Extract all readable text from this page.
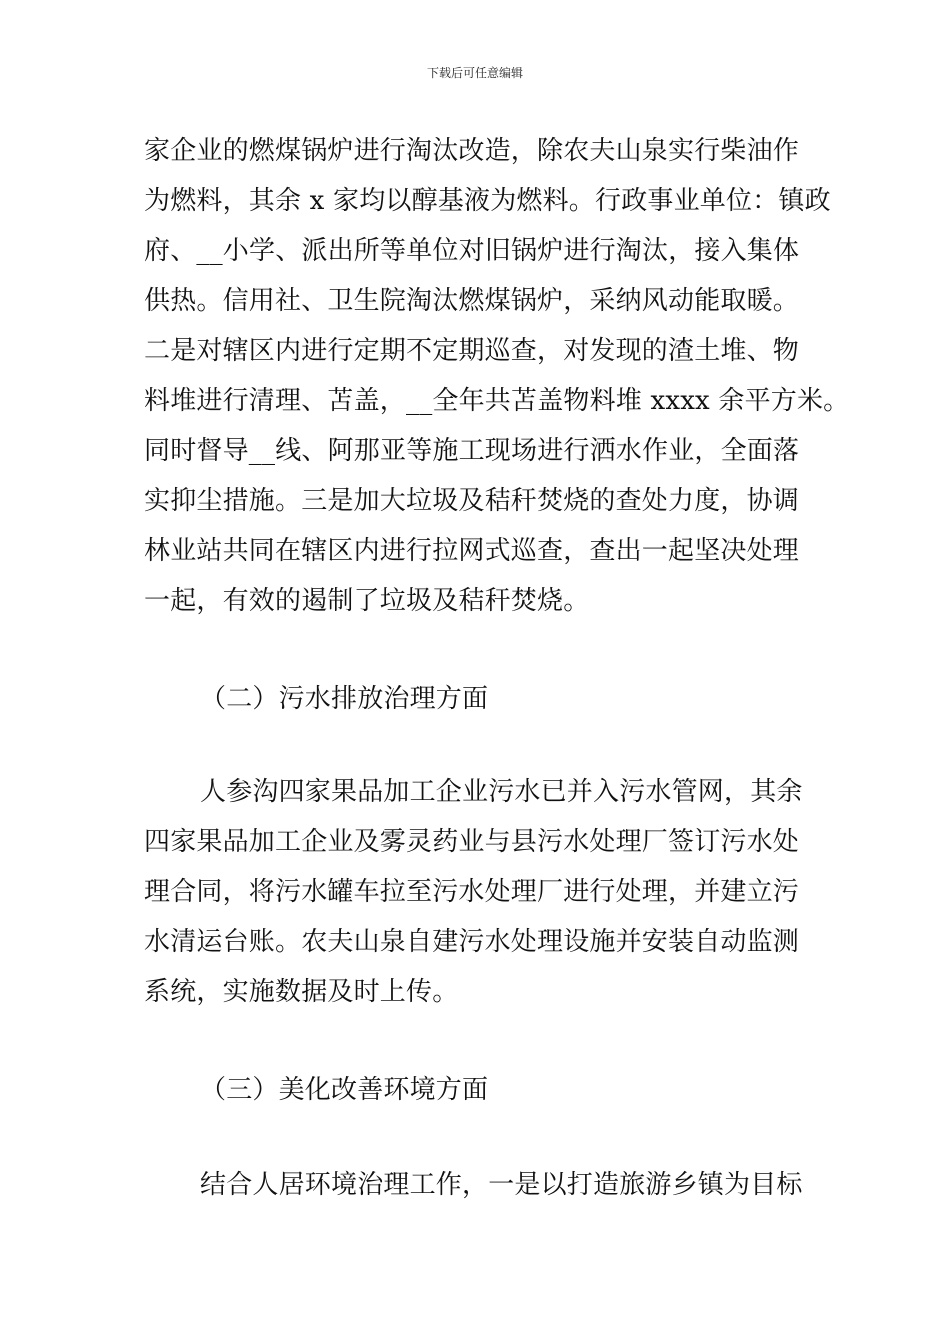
下载后可任意编辑
家企业的燃煤锅炉进行淘汰改造，除农夫山泉实行柴油作
为燃料，其余 x 家均以醇基液为燃料。行政事业单位：镇政
府、__小学、派出所等单位对旧锅炉进行淘汰，接入集体
供热。信用社、卫生院淘汰燃煤锅炉，采纳风动能取暖。
二是对辖区内进行定期不定期巡查，对发现的渣土堆、物
料堆进行清理、苫盖，__全年共苫盖物料堆 xxxx 余平方米。
同时督导__线、阿那亚等施工现场进行洒水作业，全面落
实抑尘措施。三是加大垃圾及秸秆焚烧的查处力度，协调
林业站共同在辖区内进行拉网式巡查，查出一起坚决处理
一起，有效的遏制了垃圾及秸秆焚烧。
（二）污水排放治理方面
人参沟四家果品加工企业污水已并入污水管网，其余
四家果品加工企业及雾灵药业与县污水处理厂签订污水处
理合同，将污水罐车拉至污水处理厂进行处理，并建立污
水清运台账。农夫山泉自建污水处理设施并安装自动监测
系统，实施数据及时上传。
（三）美化改善环境方面
结合人居环境治理工作，一是以打造旅游乡镇为目标
